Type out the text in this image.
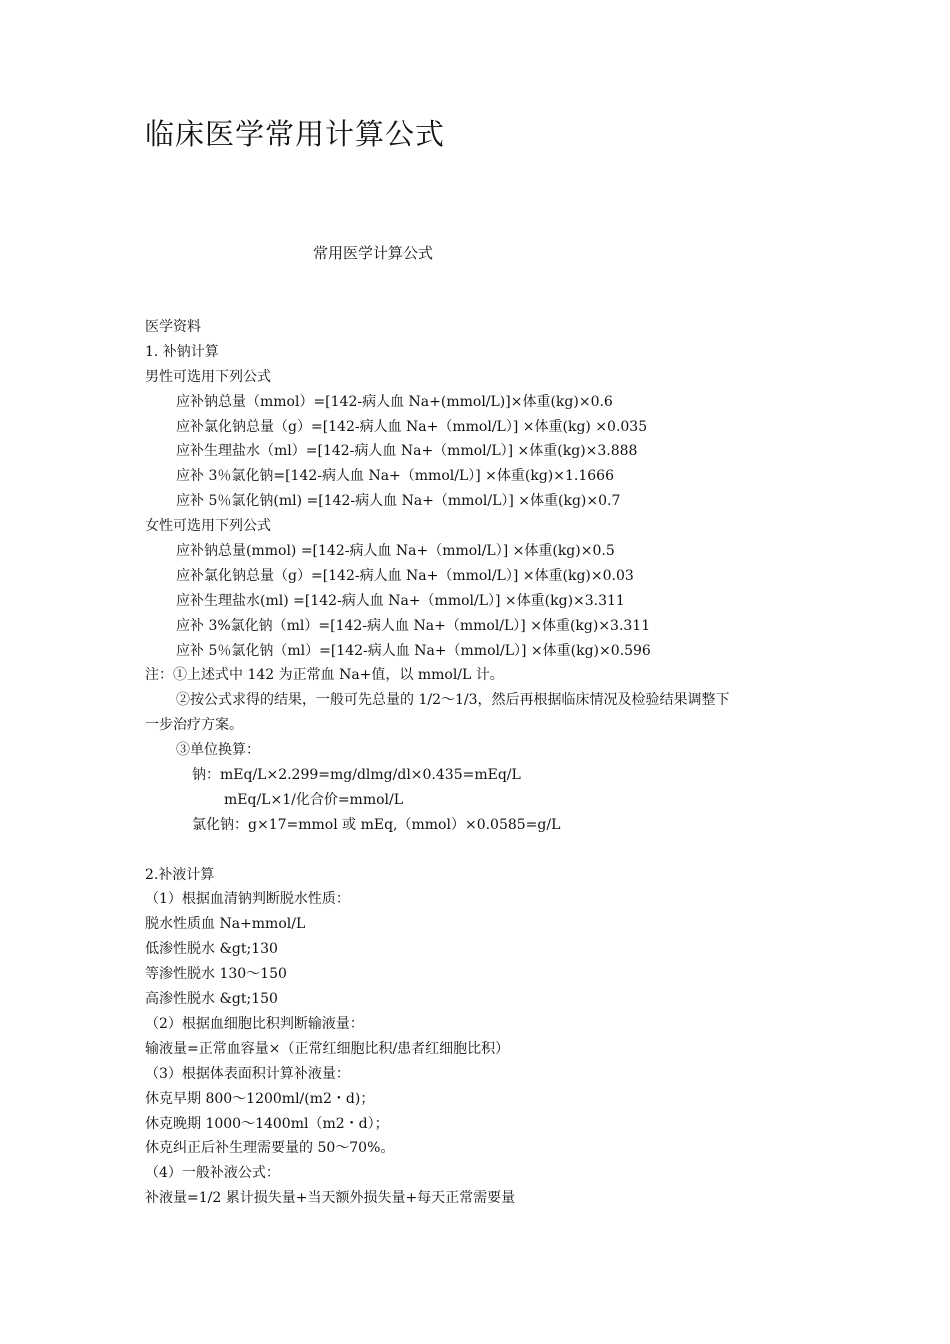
临床医学常用计算公式
常用医学计算公式
医学资料
1. 补钠计算
男性可选用下列公式
应补钠总量（mmol）=[142-病人血 Na+(mmol/L)]×体重(kg)×0.6
应补氯化钠总量（g）=[142-病人血 Na+（mmol/L）] ×体重(kg) ×0.035
应补生理盐水（ml）=[142-病人血 Na+（mmol/L）] ×体重(kg)×3.888
应补 3％氯化钠=[142-病人血 Na+（mmol/L）] ×体重(kg)×1.1666
应补 5％氯化钠(ml) =[142-病人血 Na+（mmol/L）] ×体重(kg)×0.7
女性可选用下列公式
应补钠总量(mmol) =[142-病人血 Na+（mmol/L）] ×体重(kg)×0.5
应补氯化钠总量（g）=[142-病人血 Na+（mmol/L）] ×体重(kg)×0.03
应补生理盐水(ml) =[142-病人血 Na+（mmol/L）] ×体重(kg)×3.311
应补 3%氯化钠（ml）=[142-病人血 Na+（mmol/L）] ×体重(kg)×3.311
应补 5％氯化钠（ml）=[142-病人血 Na+（mmol/L）] ×体重(kg)×0.596
注：①上述式中 142 为正常血 Na+值，以 mmol/L 计。
②按公式求得的结果，一般可先总量的 1/2～1/3，然后再根据临床情况及检验结果调整下
一步治疗方案。
③单位换算：
钠：mEq/L×2.299=mg/dlmg/dl×0.435=mEq/L
mEq/L×1/化合价=mmol/L
氯化钠：g×17=mmol 或 mEq,（mmol）×0.0585=g/L
2.补液计算
（1）根据血清钠判断脱水性质：
脱水性质血 Na+mmol/L
低渗性脱水 &gt;130
等渗性脱水 130～150
高渗性脱水 &gt;150
（2）根据血细胞比积判断输液量：
输液量=正常血容量×（正常红细胞比积/患者红细胞比积）
（3）根据体表面积计算补液量：
休克早期 800～1200ml/(m2・d)；
休克晚期 1000～1400ml（m2・d）；
休克纠正后补生理需要量的 50～70%。
（4）一般补液公式：
补液量=1/2 累计损失量+当天额外损失量+每天正常需要量
